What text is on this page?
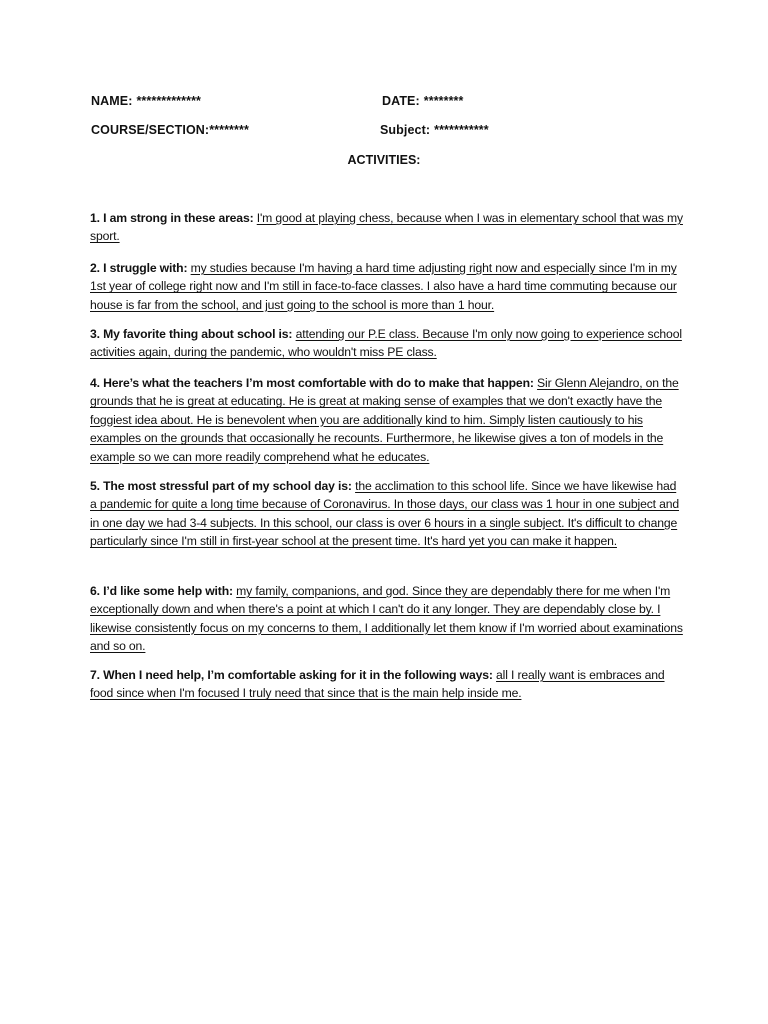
NAME: *************	DATE: ********
COURSE/SECTION:********	Subject: ***********
ACTIVITIES:
1. I am strong in these areas: I'm good at playing chess, because when I was in elementary school that was my sport.
2. I struggle with: my studies because I'm having a hard time adjusting right now and especially since I'm in my 1st year of college right now and I'm still in face-to-face classes. I also have a hard time commuting because our house is far from the school, and just going to the school is more than 1 hour.
3. My favorite thing about school is: attending our P.E class. Because I'm only now going to experience school activities again, during the pandemic, who wouldn't miss PE class.
4. Here’s what the teachers I’m most comfortable with do to make that happen: Sir Glenn Alejandro, on the grounds that he is great at educating. He is great at making sense of examples that we don't exactly have the foggiest idea about. He is benevolent when you are additionally kind to him. Simply listen cautiously to his examples on the grounds that occasionally he recounts. Furthermore, he likewise gives a ton of models in the example so we can more readily comprehend what he educates.
5. The most stressful part of my school day is: the acclimation to this school life. Since we have likewise had a pandemic for quite a long time because of Coronavirus. In those days, our class was 1 hour in one subject and in one day we had 3-4 subjects. In this school, our class is over 6 hours in a single subject. It's difficult to change particularly since I'm still in first-year school at the present time. It's hard yet you can make it happen.
6. I’d like some help with: my family, companions, and god. Since they are dependably there for me when I'm exceptionally down and when there's a point at which I can't do it any longer. They are dependably close by. I likewise consistently focus on my concerns to them, I additionally let them know if I'm worried about examinations and so on.
7. When I need help, I’m comfortable asking for it in the following ways: all I really want is embraces and food since when I'm focused I truly need that since that is the main help inside me.
